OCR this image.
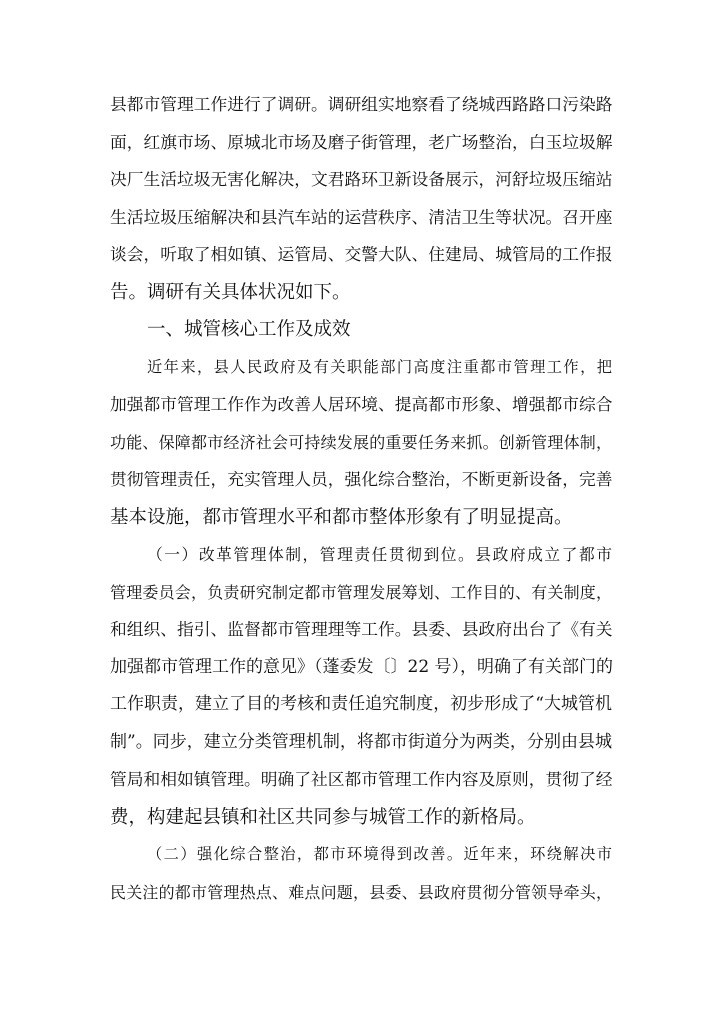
县都市管理工作进行了调研。调研组实地察看了绕城西路路口污染路
面，红旗市场、原城北市场及磨子街管理，老广场整治，白玉垃圾解
决厂生活垃圾无害化解决，文君路环卫新设备展示，河舒垃圾压缩站
生活垃圾压缩解决和县汽车站的运营秩序、清洁卫生等状况。召开座
谈会，听取了相如镇、运管局、交警大队、住建局、城管局的工作报
告。调研有关具体状况如下。
一、城管核心工作及成效
近年来，县人民政府及有关职能部门高度注重都市管理工作，把
加强都市管理工作作为改善人居环境、提高都市形象、增强都市综合
功能、保障都市经济社会可持续发展的重要任务来抓。创新管理体制，
贯彻管理责任，充实管理人员，强化综合整治，不断更新设备，完善
基本设施，都市管理水平和都市整体形象有了明显提高。
（一）改革管理体制，管理责任贯彻到位。县政府成立了都市
管理委员会，负责研究制定都市管理发展筹划、工作目的、有关制度，
和组织、指引、监督都市管理理等工作。县委、县政府出台了《有关
加强都市管理工作的意见》（蓬委发〔〕22 号），明确了有关部门的
工作职责，建立了目的考核和责任追究制度，初步形成了“大城管机
制”。同步，建立分类管理机制，将都市街道分为两类，分别由县城
管局和相如镇管理。明确了社区都市管理工作内容及原则，贯彻了经
费，构建起县镇和社区共同参与城管工作的新格局。
（二）强化综合整治，都市环境得到改善。近年来，环绕解决市
民关注的都市管理热点、难点问题，县委、县政府贯彻分管领导牵头，
